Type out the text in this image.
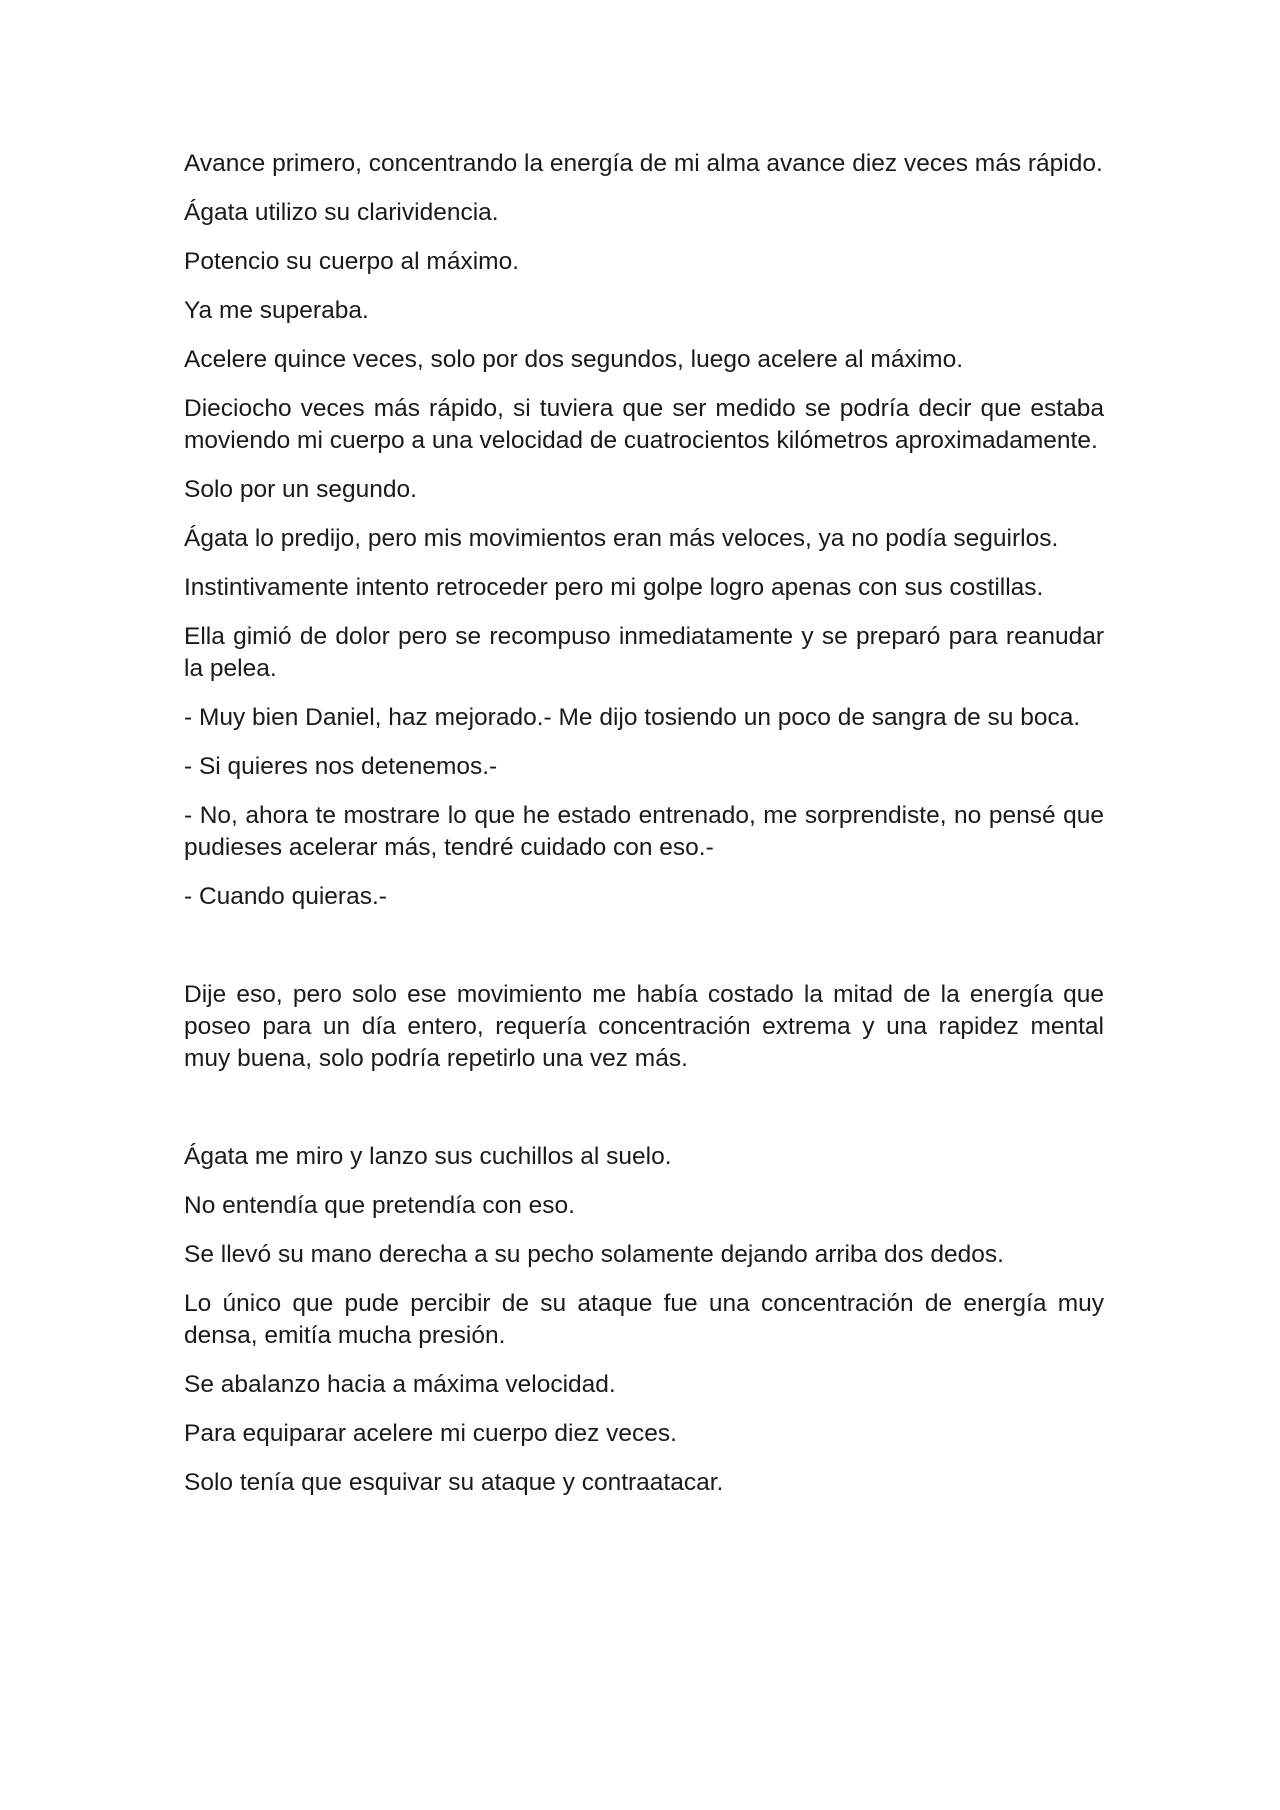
Avance primero, concentrando la energía de mi alma avance diez veces más rápido.

Ágata utilizo su clarividencia.

Potencio su cuerpo al máximo.

Ya me superaba.

Acelere quince veces, solo por dos segundos, luego acelere al máximo.

Dieciocho veces más rápido, si tuviera que ser medido se podría decir que estaba moviendo mi cuerpo a una velocidad de cuatrocientos kilómetros aproximadamente.

Solo por un segundo.

Ágata lo predijo, pero mis movimientos eran más veloces, ya no podía seguirlos.

Instintivamente intento retroceder pero mi golpe logro apenas con sus costillas.

Ella gimió de dolor pero se recompuso inmediatamente y se preparó para reanudar la pelea.

- Muy bien Daniel, haz mejorado.- Me dijo tosiendo un poco de sangra de su boca.

- Si quieres nos detenemos.-

- No, ahora te mostrare lo que he estado entrenado, me sorprendiste, no pensé que pudieses acelerar más, tendré cuidado con eso.-

- Cuando quieras.-

Dije eso, pero solo ese movimiento me había costado la mitad de la energía que poseo para un día entero, requería concentración extrema y una rapidez mental muy buena, solo podría repetirlo una vez más.

Ágata me miro y lanzo sus cuchillos al suelo.

No entendía que pretendía con eso.

Se llevó su mano derecha a su pecho solamente dejando arriba dos dedos.

Lo único que pude percibir de su ataque fue una concentración de energía muy densa, emitía mucha presión.

Se abalanzo hacia a máxima velocidad.

Para equiparar acelere mi cuerpo diez veces.

Solo tenía que esquivar su ataque y contraatacar.
